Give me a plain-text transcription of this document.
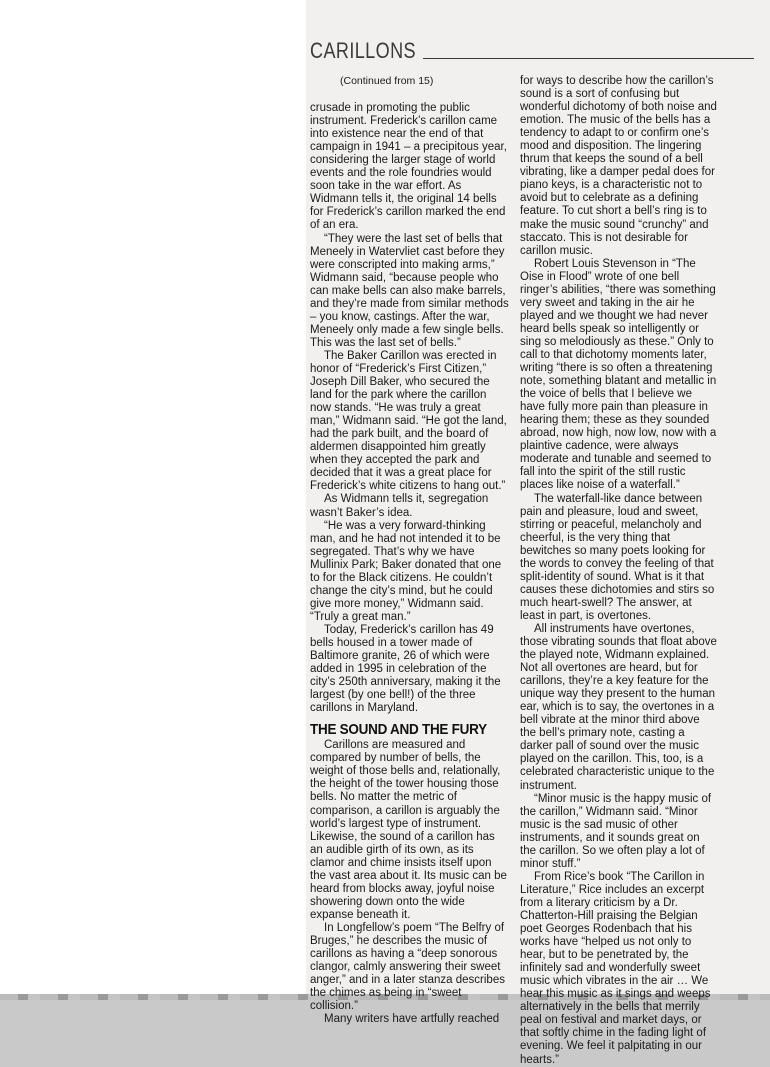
CARILLONS

(Continued from 15)

crusade in promoting the public instrument. Frederick’s carillon came into existence near the end of that campaign in 1941 – a precipitous year, considering the larger stage of world events and the role foundries would soon take in the war effort. As Widmann tells it, the original 14 bells for Frederick’s carillon marked the end of an era.

“They were the last set of bells that Meneely in Watervliet cast before they were conscripted into making arms,” Widmann said, “because people who can make bells can also make barrels, and they’re made from similar methods – you know, castings. After the war, Meneely only made a few single bells. This was the last set of bells.”

The Baker Carillon was erected in honor of “Frederick’s First Citizen,” Joseph Dill Baker, who secured the land for the park where the carillon now stands. “He was truly a great man,” Widmann said. “He got the land, had the park built, and the board of aldermen disappointed him greatly when they accepted the park and decided that it was a great place for Frederick’s white citizens to hang out.”

As Widmann tells it, segregation wasn’t Baker’s idea.

“He was a very forward-thinking man, and he had not intended it to be segregated. That’s why we have Mullinix Park; Baker donated that one to for the Black citizens. He couldn’t change the city’s mind, but he could give more money,” Widmann said. “Truly a great man.”

Today, Frederick’s carillon has 49 bells housed in a tower made of Baltimore granite, 26 of which were added in 1995 in celebration of the city’s 250th anniversary, making it the largest (by one bell!) of the three carillons in Maryland.

THE SOUND AND THE FURY

Carillons are measured and compared by number of bells, the weight of those bells and, relationally, the height of the tower housing those bells. No matter the metric of comparison, a carillon is arguably the world’s largest type of instrument. Likewise, the sound of a carillon has an audible girth of its own, as its clamor and chime insists itself upon the vast area about it. Its music can be heard from blocks away, joyful noise showering down onto the wide expanse beneath it.

In Longfellow’s poem “The Belfry of Bruges,” he describes the music of carillons as having a “deep sonorous clangor, calmly answering their sweet anger,” and in a later stanza describes the chimes as being in “sweet collision.”

Many writers have artfully reached

for ways to describe how the carillon’s sound is a sort of confusing but wonderful dichotomy of both noise and emotion. The music of the bells has a tendency to adapt to or confirm one’s mood and disposition. The lingering thrum that keeps the sound of a bell vibrating, like a damper pedal does for piano keys, is a characteristic not to avoid but to celebrate as a defining feature. To cut short a bell’s ring is to make the music sound “crunchy” and staccato. This is not desirable for carillon music.

Robert Louis Stevenson in “The Oise in Flood” wrote of one bell ringer’s abilities, “there was something very sweet and taking in the air he played and we thought we had never heard bells speak so intelligently or sing so melodiously as these.” Only to call to that dichotomy moments later, writing “there is so often a threatening note, something blatant and metallic in the voice of bells that I believe we have fully more pain than pleasure in hearing them; these as they sounded abroad, now high, now low, now with a plaintive cadence, were always moderate and tunable and seemed to fall into the spirit of the still rustic places like noise of a waterfall.”

The waterfall-like dance between pain and pleasure, loud and sweet, stirring or peaceful, melancholy and cheerful, is the very thing that bewitches so many poets looking for the words to convey the feeling of that split-identity of sound. What is it that causes these dichotomies and stirs so much heart-swell? The answer, at least in part, is overtones.

All instruments have overtones, those vibrating sounds that float above the played note, Widmann explained. Not all overtones are heard, but for carillons, they’re a key feature for the unique way they present to the human ear, which is to say, the overtones in a bell vibrate at the minor third above the bell’s primary note, casting a darker pall of sound over the music played on the carillon. This, too, is a celebrated characteristic unique to the instrument.

“Minor music is the happy music of the carillon,” Widmann said. “Minor music is the sad music of other instruments, and it sounds great on the carillon. So we often play a lot of minor stuff.”

From Rice’s book “The Carillon in Literature,” Rice includes an excerpt from a literary criticism by a Dr. Chatterton-Hill praising the Belgian poet Georges Rodenbach that his works have “helped us not only to hear, but to be penetrated by, the infinitely sad and wonderfully sweet music which vibrates in the air … We hear this music as it sings and weeps alternatively in the bells that merrily peal on festival and market days, or that softly chime in the fading light of evening. We feel it palpitating in our hearts.”
